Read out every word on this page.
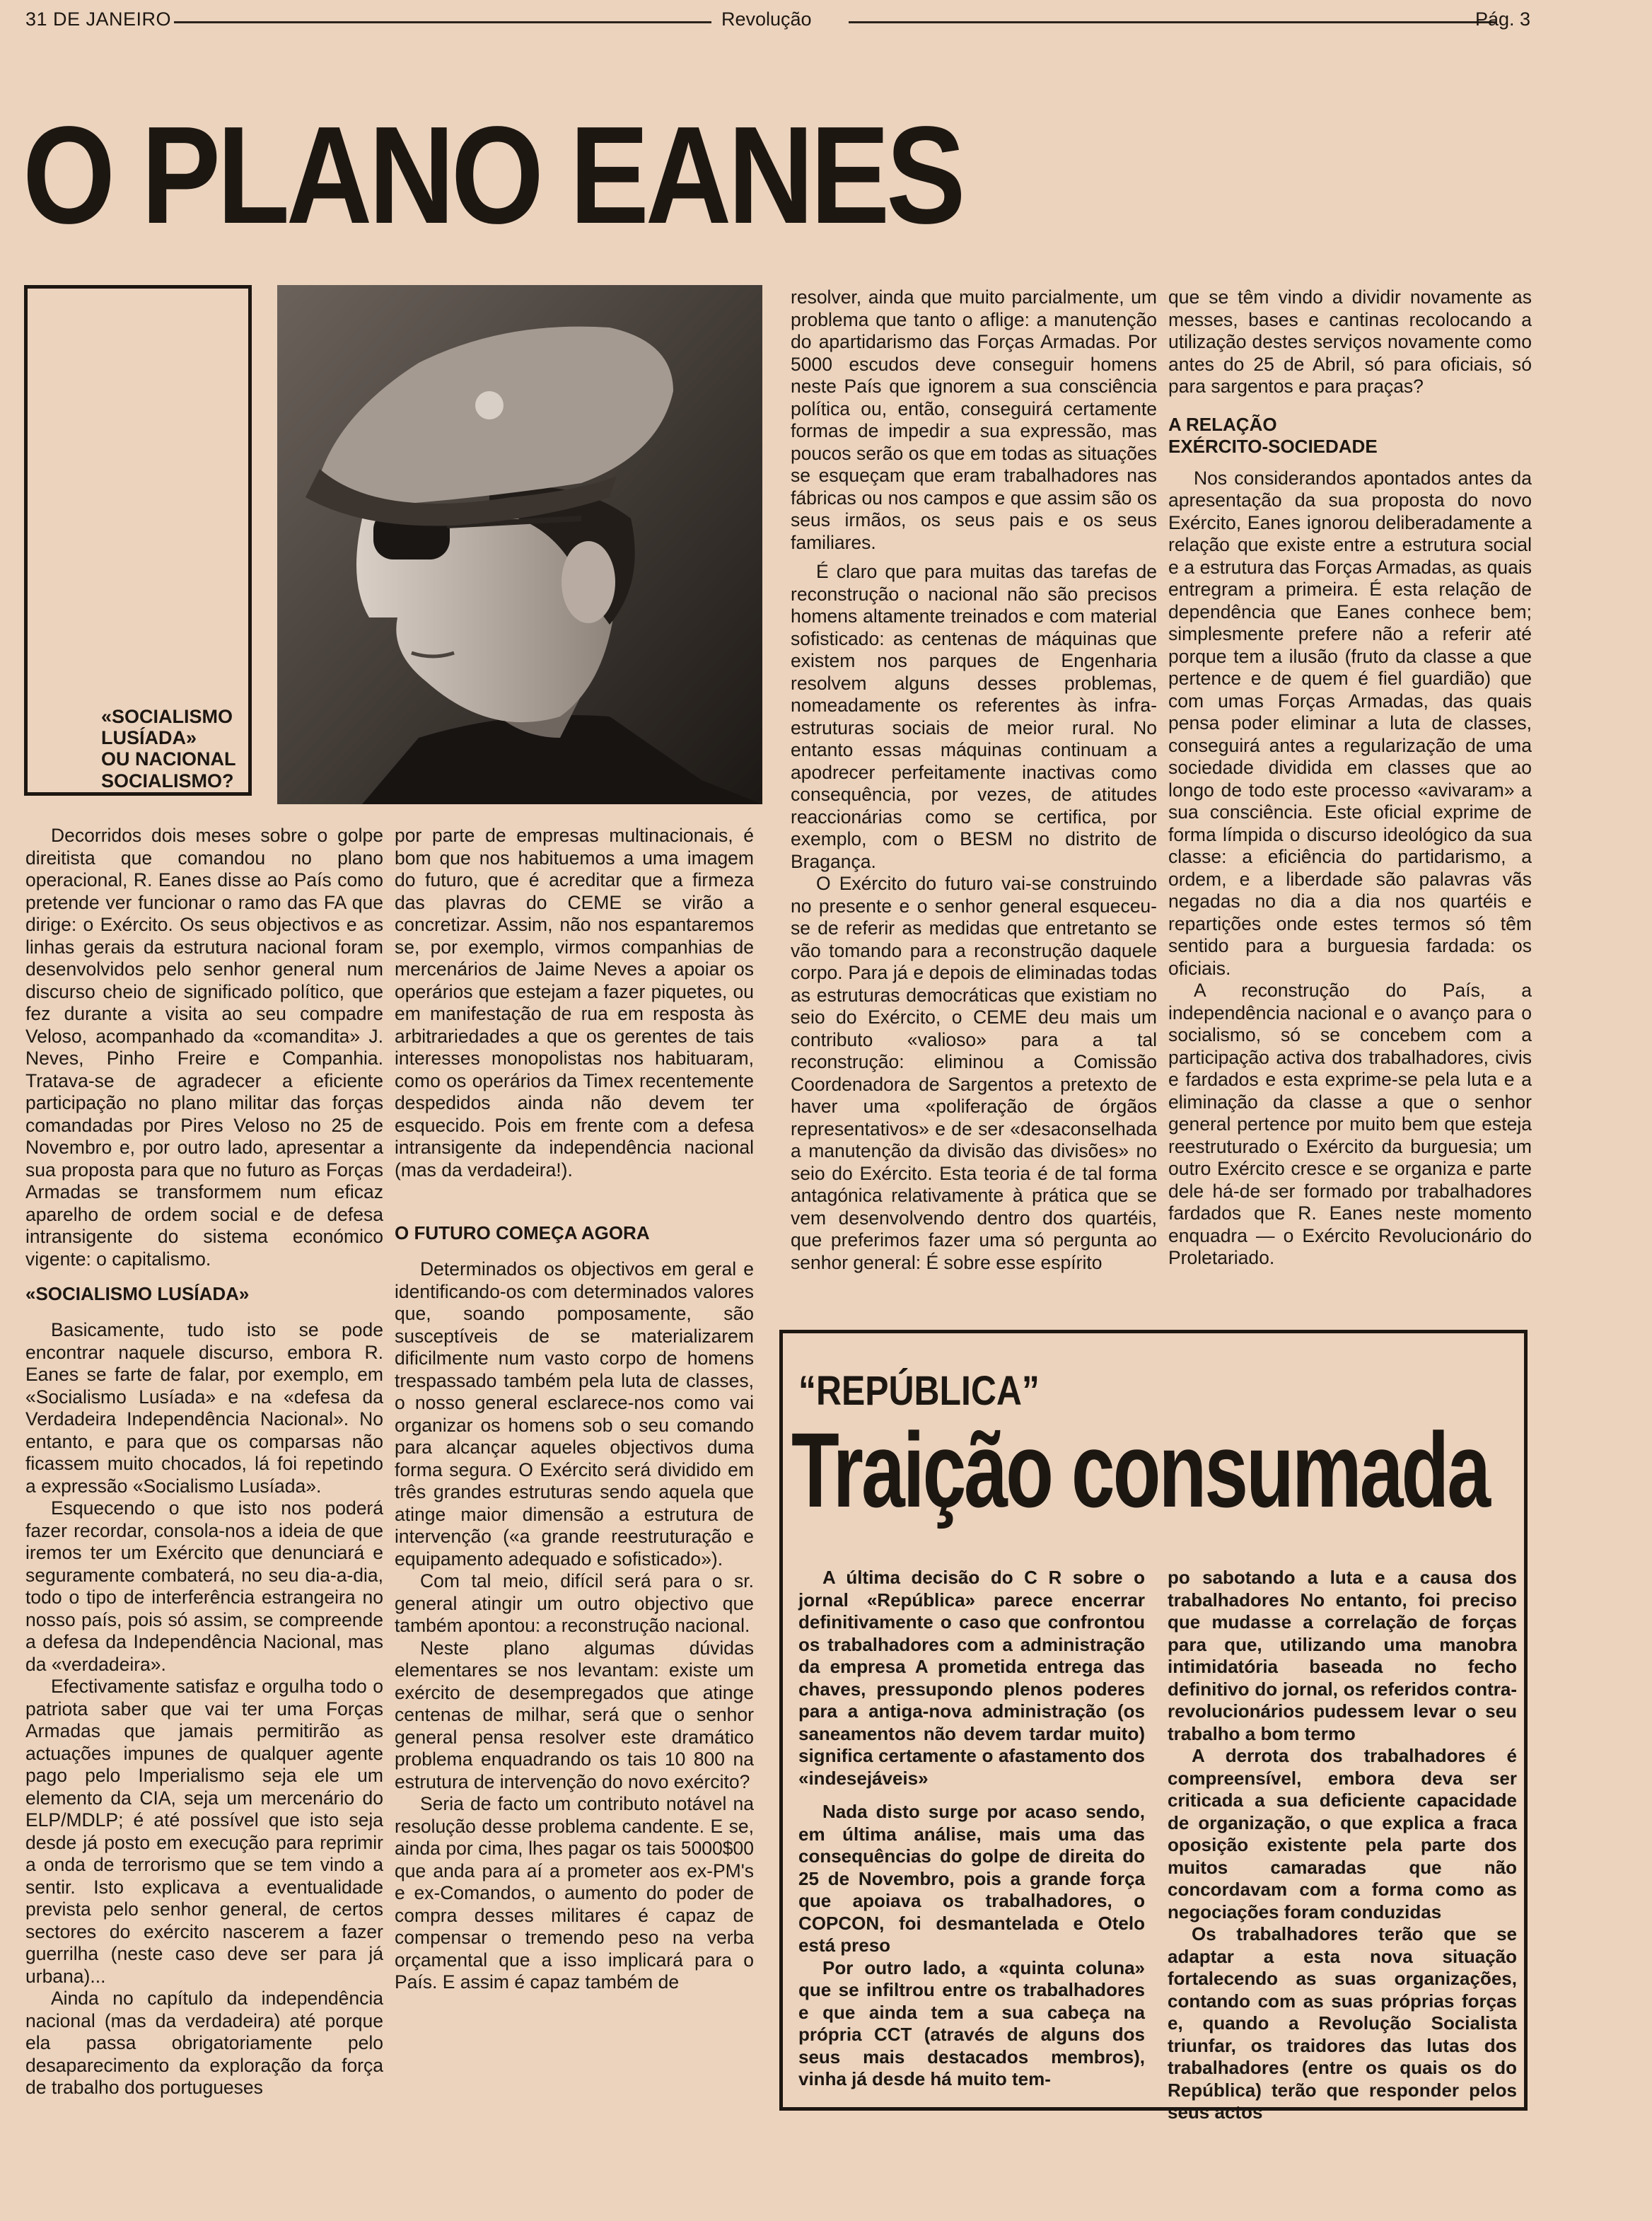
31 DE JANEIRO	Revolução	Pág. 3
O PLANO EANES
«SOCIALISMO
LUSÍADA»
OU NACIONAL
SOCIALISMO?

Decorridos dois meses sobre o golpe direitista que comandou no plano operacional, R. Eanes disse ao País como pretende ver funcionar o ramo das FA que dirige: o Exército. Os seus objectivos e as linhas gerais da estrutura nacional foram desenvolvidos pelo senhor general num discurso cheio de significado político, que fez durante a visita ao seu compadre Veloso, acompanhado da «comandita» J. Neves, Pinho Freire e Companhia. Tratava-se de agradecer a eficiente participação no plano militar das forças comandadas por Pires Veloso no 25 de Novembro e, por outro lado, apresentar a sua proposta para que no futuro as Forças Armadas se transformem num eficaz aparelho de ordem social e de defesa intransigente do sistema económico vigente: o capitalismo.

«SOCIALISMO LUSÍADA»

Basicamente, tudo isto se pode encontrar naquele discurso, embora R. Eanes se farte de falar, por exemplo, em «Socialismo Lusíada» e na «defesa da Verdadeira Independência Nacional». No entanto, e para que os comparsas não ficassem muito chocados, lá foi repetindo a expressão «Socialismo Lusíada».

Esquecendo o que isto nos poderá fazer recordar, consola-nos a ideia de que iremos ter um Exército que denunciará e seguramente combaterá, no seu dia-a-dia, todo o tipo de interferência estrangeira no nosso país, pois só assim, se compreende a defesa da Independência Nacional, mas da «verdadeira».

Efectivamente satisfaz e orgulha todo o patriota saber que vai ter uma Forças Armadas que jamais permitirão as actuações impunes de qualquer agente pago pelo Imperialismo seja ele um elemento da CIA, seja um mercenário do ELP/MDLP; é até possível que isto seja desde já posto em execução para reprimir a onda de terrorismo que se tem vindo a sentir. Isto explicava a eventualidade prevista pelo senhor general, de certos sectores do exército nascerem a fazer guerrilha (neste caso deve ser para já urbana)...

Ainda no capítulo da independência nacional (mas da verdadeira) até porque ela passa obrigatoriamente pelo desaparecimento da exploração da força de trabalho dos portugueses

por parte de empresas multinacionais, é bom que nos habituemos a uma imagem do futuro, que é acreditar que a firmeza das plavras do CEME se virão a concretizar. Assim, não nos espantaremos se, por exemplo, virmos companhias de mercenários de Jaime Neves a apoiar os operários que estejam a fazer piquetes, ou em manifestação de rua em resposta às arbitrariedades a que os gerentes de tais interesses monopolistas nos habituaram, como os operários da Timex recentemente despedidos ainda não devem ter esquecido. Pois em frente com a defesa intransigente da independência nacional (mas da verdadeira!).

O FUTURO COMEÇA AGORA

Determinados os objectivos em geral e identificando-os com determinados valores que, soando pomposamente, são susceptíveis de se materializarem dificilmente num vasto corpo de homens trespassado também pela luta de classes, o nosso general esclarece-nos como vai organizar os homens sob o seu comando para alcançar aqueles objectivos duma forma segura. O Exército será dividido em três grandes estruturas sendo aquela que atinge maior dimensão a estrutura de intervenção («a grande reestruturação e equipamento adequado e sofisticado»).

Com tal meio, difícil será para o sr. general atingir um outro objectivo que também apontou: a reconstrução nacional.

Neste plano algumas dúvidas elementares se nos levantam: existe um exército de desempregados que atinge centenas de milhar, será que o senhor general pensa resolver este dramático problema enquadrando os tais 10 800 na estrutura de intervenção do novo exército?

Seria de facto um contributo notável na resolução desse problema candente. E se, ainda por cima, lhes pagar os tais 5000$00 que anda para aí a prometer aos ex-PM's e ex-Comandos, o aumento do poder de compra desses militares é capaz de compensar o tremendo peso na verba orçamental que a isso implicará para o País. E assim é capaz também de

resolver, ainda que muito parcialmente, um problema que tanto o aflige: a manutenção do apartidarismo das Forças Armadas. Por 5000 escudos deve conseguir homens neste País que ignorem a sua consciência política ou, então, conseguirá certamente formas de impedir a sua expressão, mas poucos serão os que em todas as situações se esqueçam que eram trabalhadores nas fábricas ou nos campos e que assim são os seus irmãos, os seus pais e os seus familiares.

É claro que para muitas das tarefas de reconstrução o nacional não são precisos homens altamente treinados e com material sofisticado: as centenas de máquinas que existem nos parques de Engenharia resolvem alguns desses problemas, nomeadamente os referentes às infra-estruturas sociais de meior rural. No entanto essas máquinas continuam a apodrecer perfeitamente inactivas como consequência, por vezes, de atitudes reaccionárias como se certifica, por exemplo, com o BESM no distrito de Bragança.

O Exército do futuro vai-se construindo no presente e o senhor general esqueceu-se de referir as medidas que entretanto se vão tomando para a reconstrução daquele corpo. Para já e depois de eliminadas todas as estruturas democráticas que existiam no seio do Exército, o CEME deu mais um contributo «valioso» para a tal reconstrução: eliminou a Comissão Coordenadora de Sargentos a pretexto de haver uma «poliferação de órgãos representativos» e de ser «desaconselhada a manutenção da divisão das divisões» no seio do Exército. Esta teoria é de tal forma antagónica relativamente à prática que se vem desenvolvendo dentro dos quartéis, que preferimos fazer uma só pergunta ao senhor general: É sobre esse espírito

que se têm vindo a dividir novamente as messes, bases e cantinas recolocando a utilização destes serviços novamente como antes do 25 de Abril, só para oficiais, só para sargentos e para praças?

A RELAÇÃO
EXÉRCITO-SOCIEDADE

Nos considerandos apontados antes da apresentação da sua proposta do novo Exército, Eanes ignorou deliberadamente a relação que existe entre a estrutura social e a estrutura das Forças Armadas, as quais entregram a primeira. É esta relação de dependência que Eanes conhece bem; simplesmente prefere não a referir até porque tem a ilusão (fruto da classe a que pertence e de quem é fiel guardião) que com umas Forças Armadas, das quais pensa poder eliminar a luta de classes, conseguirá antes a regularização de uma sociedade dividida em classes que ao longo de todo este processo «avivaram» a sua consciência. Este oficial exprime de forma límpida o discurso ideológico da sua classe: a eficiência do partidarismo, a ordem, e a liberdade são palavras vãs negadas no dia a dia nos quartéis e repartições onde estes termos só têm sentido para a burguesia fardada: os oficiais.

A reconstrução do País, a independência nacional e o avanço para o socialismo, só se concebem com a participação activa dos trabalhadores, civis e fardados e esta exprime-se pela luta e a eliminação da classe a que o senhor general pertence por muito bem que esteja reestruturado o Exército da burguesia; um outro Exército cresce e se organiza e parte dele há-de ser formado por trabalhadores fardados que R. Eanes neste momento enquadra — o Exército Revolucionário do Proletariado.

“REPÚBLICA”
Traição consumada

A última decisão do C R sobre o jornal «República» parece encerrar definitivamente o caso que confrontou os trabalhadores com a administração da empresa A prometida entrega das chaves, pressupondo plenos poderes para a antiga-nova administração (os saneamentos não devem tardar muito) significa certamente o afastamento dos «indesejáveis»

Nada disto surge por acaso sendo, em última análise, mais uma das consequências do golpe de direita do 25 de Novembro, pois a grande força que apoiava os trabalhadores, o COPCON, foi desmantelada e Otelo está preso

Por outro lado, a «quinta coluna» que se infiltrou entre os trabalhadores e que ainda tem a sua cabeça na própria CCT (através de alguns dos seus mais destacados membros), vinha já desde há muito tem-

po sabotando a luta e a causa dos trabalhadores No entanto, foi preciso que mudasse a correlação de forças para que, utilizando uma manobra intimidatória baseada no fecho definitivo do jornal, os referidos contra-revolucionários pudessem levar o seu trabalho a bom termo

A derrota dos trabalhadores é compreensível, embora deva ser criticada a sua deficiente capacidade de organização, o que explica a fraca oposição existente pela parte dos muitos camaradas que não concordavam com a forma como as negociações foram conduzidas

Os trabalhadores terão que se adaptar a esta nova situação fortalecendo as suas organizações, contando com as suas próprias forças e, quando a Revolução Socialista triunfar, os traidores das lutas dos trabalhadores (entre os quais os do República) terão que responder pelos seus actos
